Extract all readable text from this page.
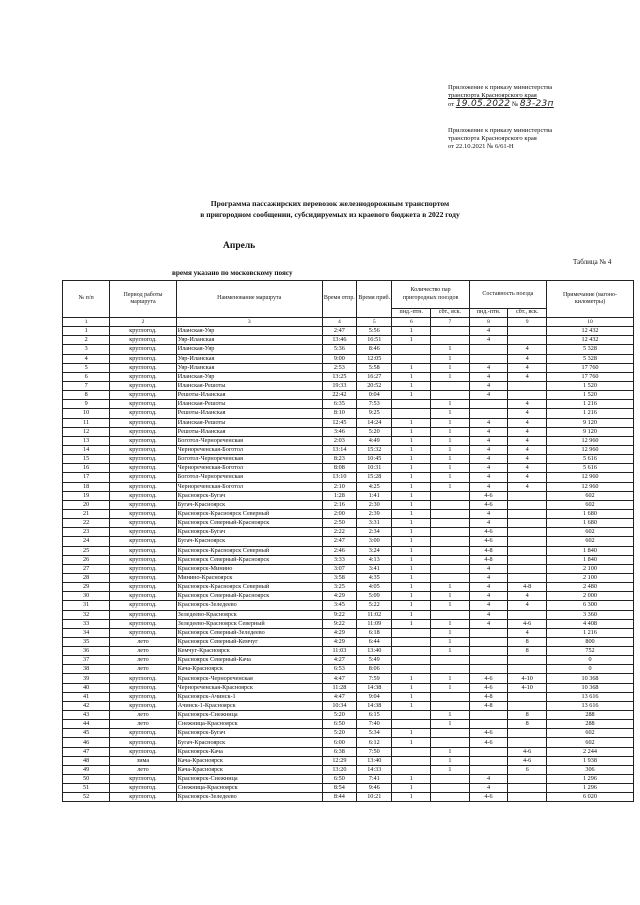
Приложение к приказу министерства
транспорта Красноярского края
от 19.05.2022 № 83-23п
Приложение к приказу министерства
транспорта Красноярского края
от 22.10.2021 № 6/61-Н
Программа пассажирских перевозок железнодорожным транспортом
в пригородном сообщении, субсидируемых из краевого бюджета в 2022 году
Апрель
Таблица № 4
время указано по московскому поясу
№ п/п	Период работы маршрута	Наименование маршрута	Время отпр.	Время приб.	Количество пар пригородных поездов		Составность поезда		Примечание (вагоно-километры)
					пнд.-птн.	сбт., вск.	пнд.-птн.	сбт., вск.	
1	2	3	4	5	6	7	8	9	10
1	круглогод.	Иланская-Уяр	2:47	5:56	1		4		12 432
2	круглогод.	Уяр-Иланская	13:46	16:51	1		4		12 432
3	круглогод.	Иланская-Уяр	5:36	8:46		1		4	5 328
4	круглогод.	Уяр-Иланская	9:00	12:05		1		4	5 328
5	круглогод.	Уяр-Иланская	2:53	5:58	1	1	4	4	17 760
6	круглогод.	Иланская-Уяр	13:25	16:27	1	1	4	4	17 760
7	круглогод.	Иланская-Решоты	19:33	20:52	1		4		1 520
8	круглогод.	Решоты-Иланская	22:42	0:04	1		4		1 520
9	круглогод.	Иланская-Решоты	6:35	7:53		1		4	1 216
10	круглогод.	Решоты-Иланская	8:10	9:25		1		4	1 216
11	круглогод.	Иланская-Решоты	12:45	14:24	1	1	4	4	9 120
12	круглогод.	Решоты-Иланская	3:46	5:20	1	1	4	4	9 120
13	круглогод.	Боготол-Чернореченская	2:03	4:49	1	1	4	4	12 960
14	круглогод.	Чернореченская-Боготол	13:14	15:32	1	1	4	4	12 960
15	круглогод.	Боготол-Чернореченская	8:23	10:45	1	1	4	4	5 616
16	круглогод.	Чернореченская-Боготол	8:08	10:31	1	1	4	4	5 616
17	круглогод.	Боготол-Чернореченская	13:10	15:28	1	1	4	4	12 960
18	круглогод.	Чернореченская-Боготол	2:10	4:25	1	1	4	4	12 960
19	круглогод.	Красноярск-Бугач	1:28	1:41	1		4-6		602
20	круглогод.	Бугач-Красноярск	2:16	2:30	1		4-6		602
21	круглогод.	Красноярск-Красноярск Северный	2:00	2:39	1		4		1 680
22	круглогод.	Красноярск Северный-Красноярск	2:50	3:31	1		4		1 680
23	круглогод.	Красноярск-Бугач	2:22	2:34	1		4-6		602
24	круглогод.	Бугач-Красноярск	2:47	3:00	1		4-6		602
25	круглогод.	Красноярск-Красноярск Северный	2:46	3:24	1		4-8		1 840
26	круглогод.	Красноярск Северный-Красноярск	3:33	4:13	1		4-8		1 840
27	круглогод.	Красноярск-Минино	3:07	3:41	1		4		2 100
28	круглогод.	Минино-Красноярск	3:58	4:35	1		4		2 100
29	круглогод.	Красноярск-Красноярск Северный	3:25	4:05	1	1	4	4-8	2 480
30	круглогод.	Красноярск Северный-Красноярск	4:29	5:09	1	1	4	4	2 000
31	круглогод.	Красноярск-Зеледеево	3:45	5:22	1	1	4	4	6 300
32	круглогод.	Зеледеево-Красноярск	9:22	11:02	1		4		3 360
33	круглогод.	Зеледеево-Красноярск Северный	9:22	11:09	1	1	4	4-6	4 408
34	круглогод.	Красноярск Северный-Зеледеево	4:29	6:18		1		4	1 216
35	лето	Красноярск Северный-Кемчуг	4:29	6:44		1		8	800
36	лето	Кемчуг-Красноярск	11:03	13:40		1		8	752
37	лето	Красноярск Северный-Кача	4:27	5:49					0
38	лето	Кача-Красноярск	6:53	8:06					0
39	круглогод.	Красноярск-Чернореченская	4:47	7:59	1	1	4-6	4-10	10 368
40	круглогод.	Чернореченская-Красноярск	11:28	14:38	1	1	4-6	4-10	10 368
41	круглогод.	Красноярск-Ачинск-1	4:47	9:04	1		4-8		13 616
42	круглогод.	Ачинск-1-Красноярск	10:34	14:38	1		4-8		13 616
43	лето	Красноярск-Снежница	5:20	6:15		1		8	288
44	лето	Снежница-Красноярск	6:50	7:40		1		8	288
45	круглогод.	Красноярск-Бугач	5:20	5:34	1		4-6		602
46	круглогод.	Бугач-Красноярск	6:00	6:12	1		4-6		602
47	круглогод.	Красноярск-Кача	6:38	7:50		1		4-6	2 244
48	зима	Кача-Красноярск	12:29	13:40		1		4-6	1 938
49	лето	Кача-Красноярск	13:20	14:33		1		6	306
50	круглогод.	Красноярск-Снежница	6:50	7:41	1		4		1 296
51	круглогод.	Снежница-Красноярск	8:54	9:46	1		4		1 296
52	круглогод.	Красноярск-Зеледеево	8:44	10:21	1		4-6		6 020
